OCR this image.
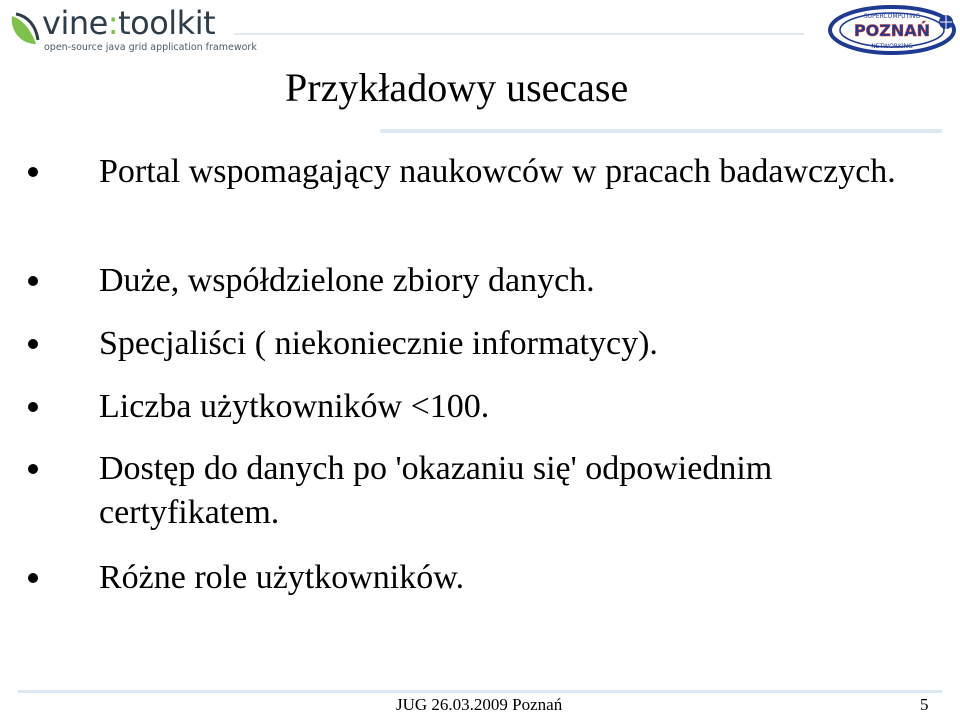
vine:toolkit
open-source java grid application framework
SUPERCOMPUTING
POZNAŃ
NETWORKING
Przykładowy usecase
Portal wspomagający naukowców w pracach badawczych.
Duże, współdzielone zbiory danych.
Specjaliści ( niekoniecznie informatycy).
Liczba użytkowników <100.
Dostęp do danych po 'okazaniu się' odpowiednim certyfikatem.
Różne role użytkowników.
JUG 26.03.2009 Poznań	5
